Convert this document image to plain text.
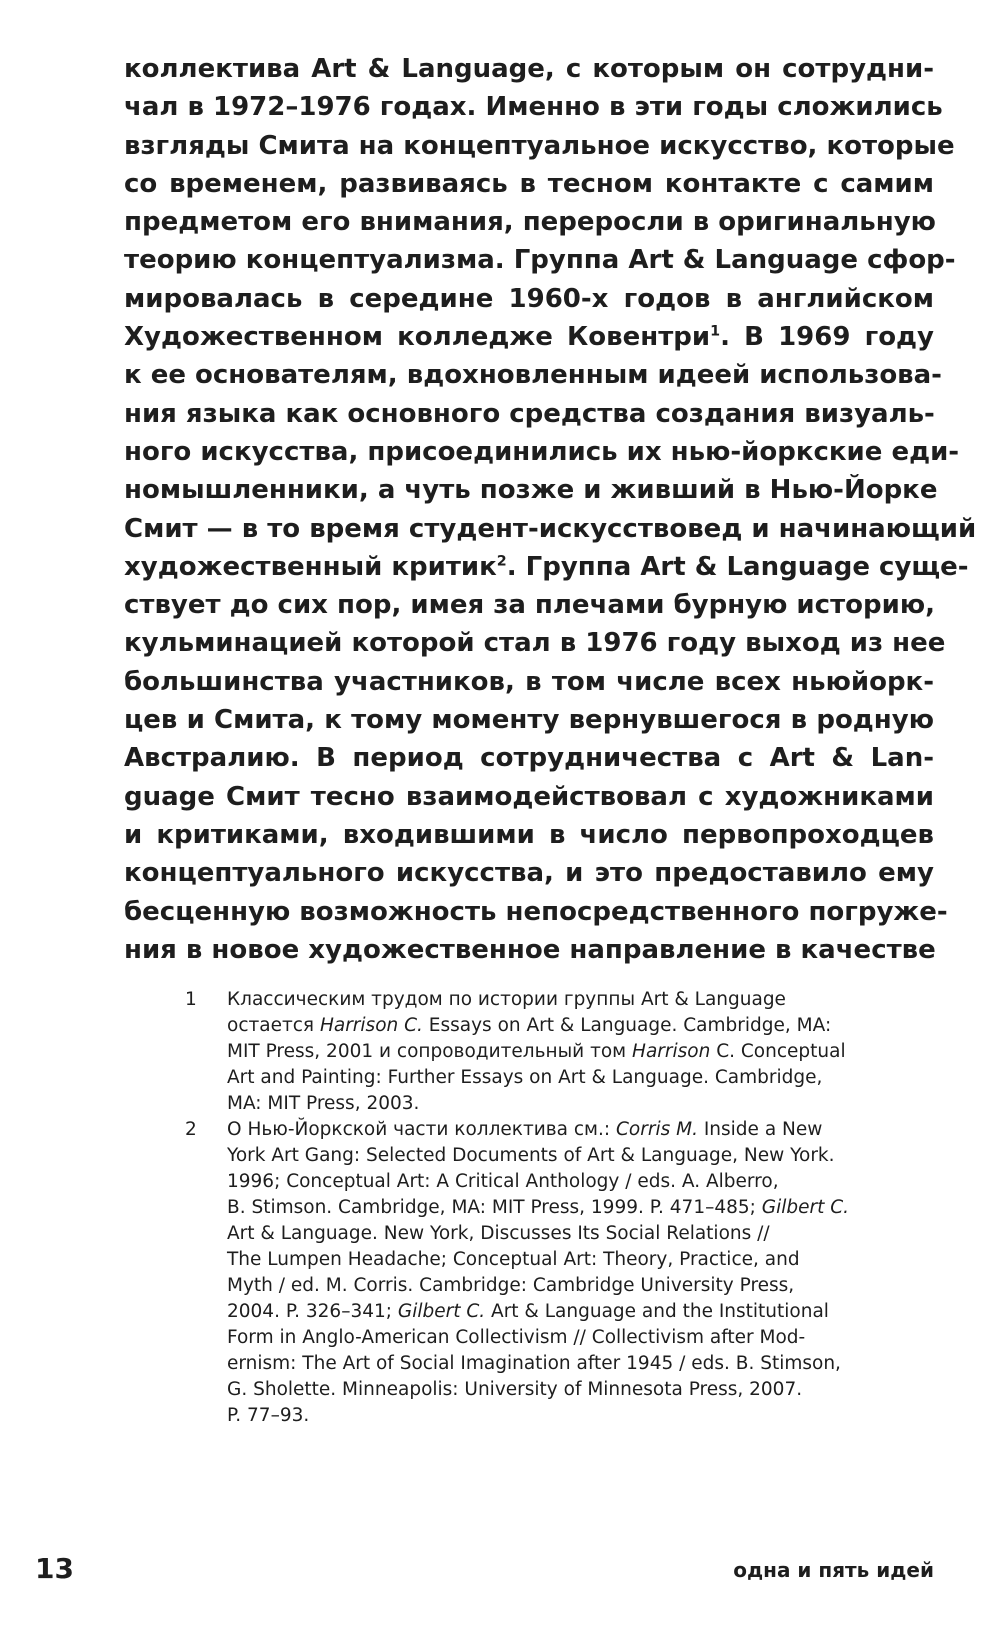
коллектива Art & Language, с которым он сотрудни-
чал в 1972–1976 годах. Именно в эти годы сложились
взгляды Смита на концептуальное искусство, которые
со временем, развиваясь в тесном контакте с самим
предметом его внимания, переросли в оригинальную
теорию концептуализма. Группа Art & Language сфор-
мировалась в середине 1960-х годов в английском
Художественном колледже Ковентри$^1$. В 1969 году
к ее основателям, вдохновленным идеей использова-
ния языка как основного средства создания визуаль-
ного искусства, присоединились их нью-йоркские еди-
номышленники, а чуть позже и живший в Нью-Йорке
Смит — в то время студент-искусствовед и начинающий
художественный критик$^2$. Группа Art & Language суще-
ствует до сих пор, имея за плечами бурную историю,
кульминацией которой стал в 1976 году выход из нее
большинства участников, в том числе всех ньюйорк-
цев и Смита, к тому моменту вернувшегося в родную
Австралию. В период сотрудничества с Art & Lan-
guage Смит тесно взаимодействовал с художниками
и критиками, входившими в число первопроходцев
концептуального искусства, и это предоставило ему
бесценную возможность непосредственного погруже-
ния в новое художественное направление в качестве
1	Классическим трудом по истории группы Art & Language
остается Harrison C. Essays on Art & Language. Cambridge, MA:
MIT Press, 2001 и сопроводительный том Harrison C. Conceptual
Art and Painting: Further Essays on Art & Language. Cambridge,
MA: MIT Press, 2003.
2	О Нью-Йоркской части коллектива см.: Corris M. Inside a New
York Art Gang: Selected Documents of Art & Language, New York.
1996; Conceptual Art: A Critical Anthology / eds. A. Alberro,
B. Stimson. Cambridge, MA: MIT Press, 1999. P. 471–485; Gilbert C.
Art & Language. New York, Discusses Its Social Relations //
The Lumpen Headache; Conceptual Art: Theory, Practice, and
Myth / ed. M. Corris. Cambridge: Cambridge University Press,
2004. P. 326–341; Gilbert C. Art & Language and the Institutional
Form in Anglo-American Collectivism // Collectivism after Mod-
ernism: The Art of Social Imagination after 1945 / eds. B. Stimson,
G. Sholette. Minneapolis: University of Minnesota Press, 2007.
P. 77–93.
13	одна и пять идей
